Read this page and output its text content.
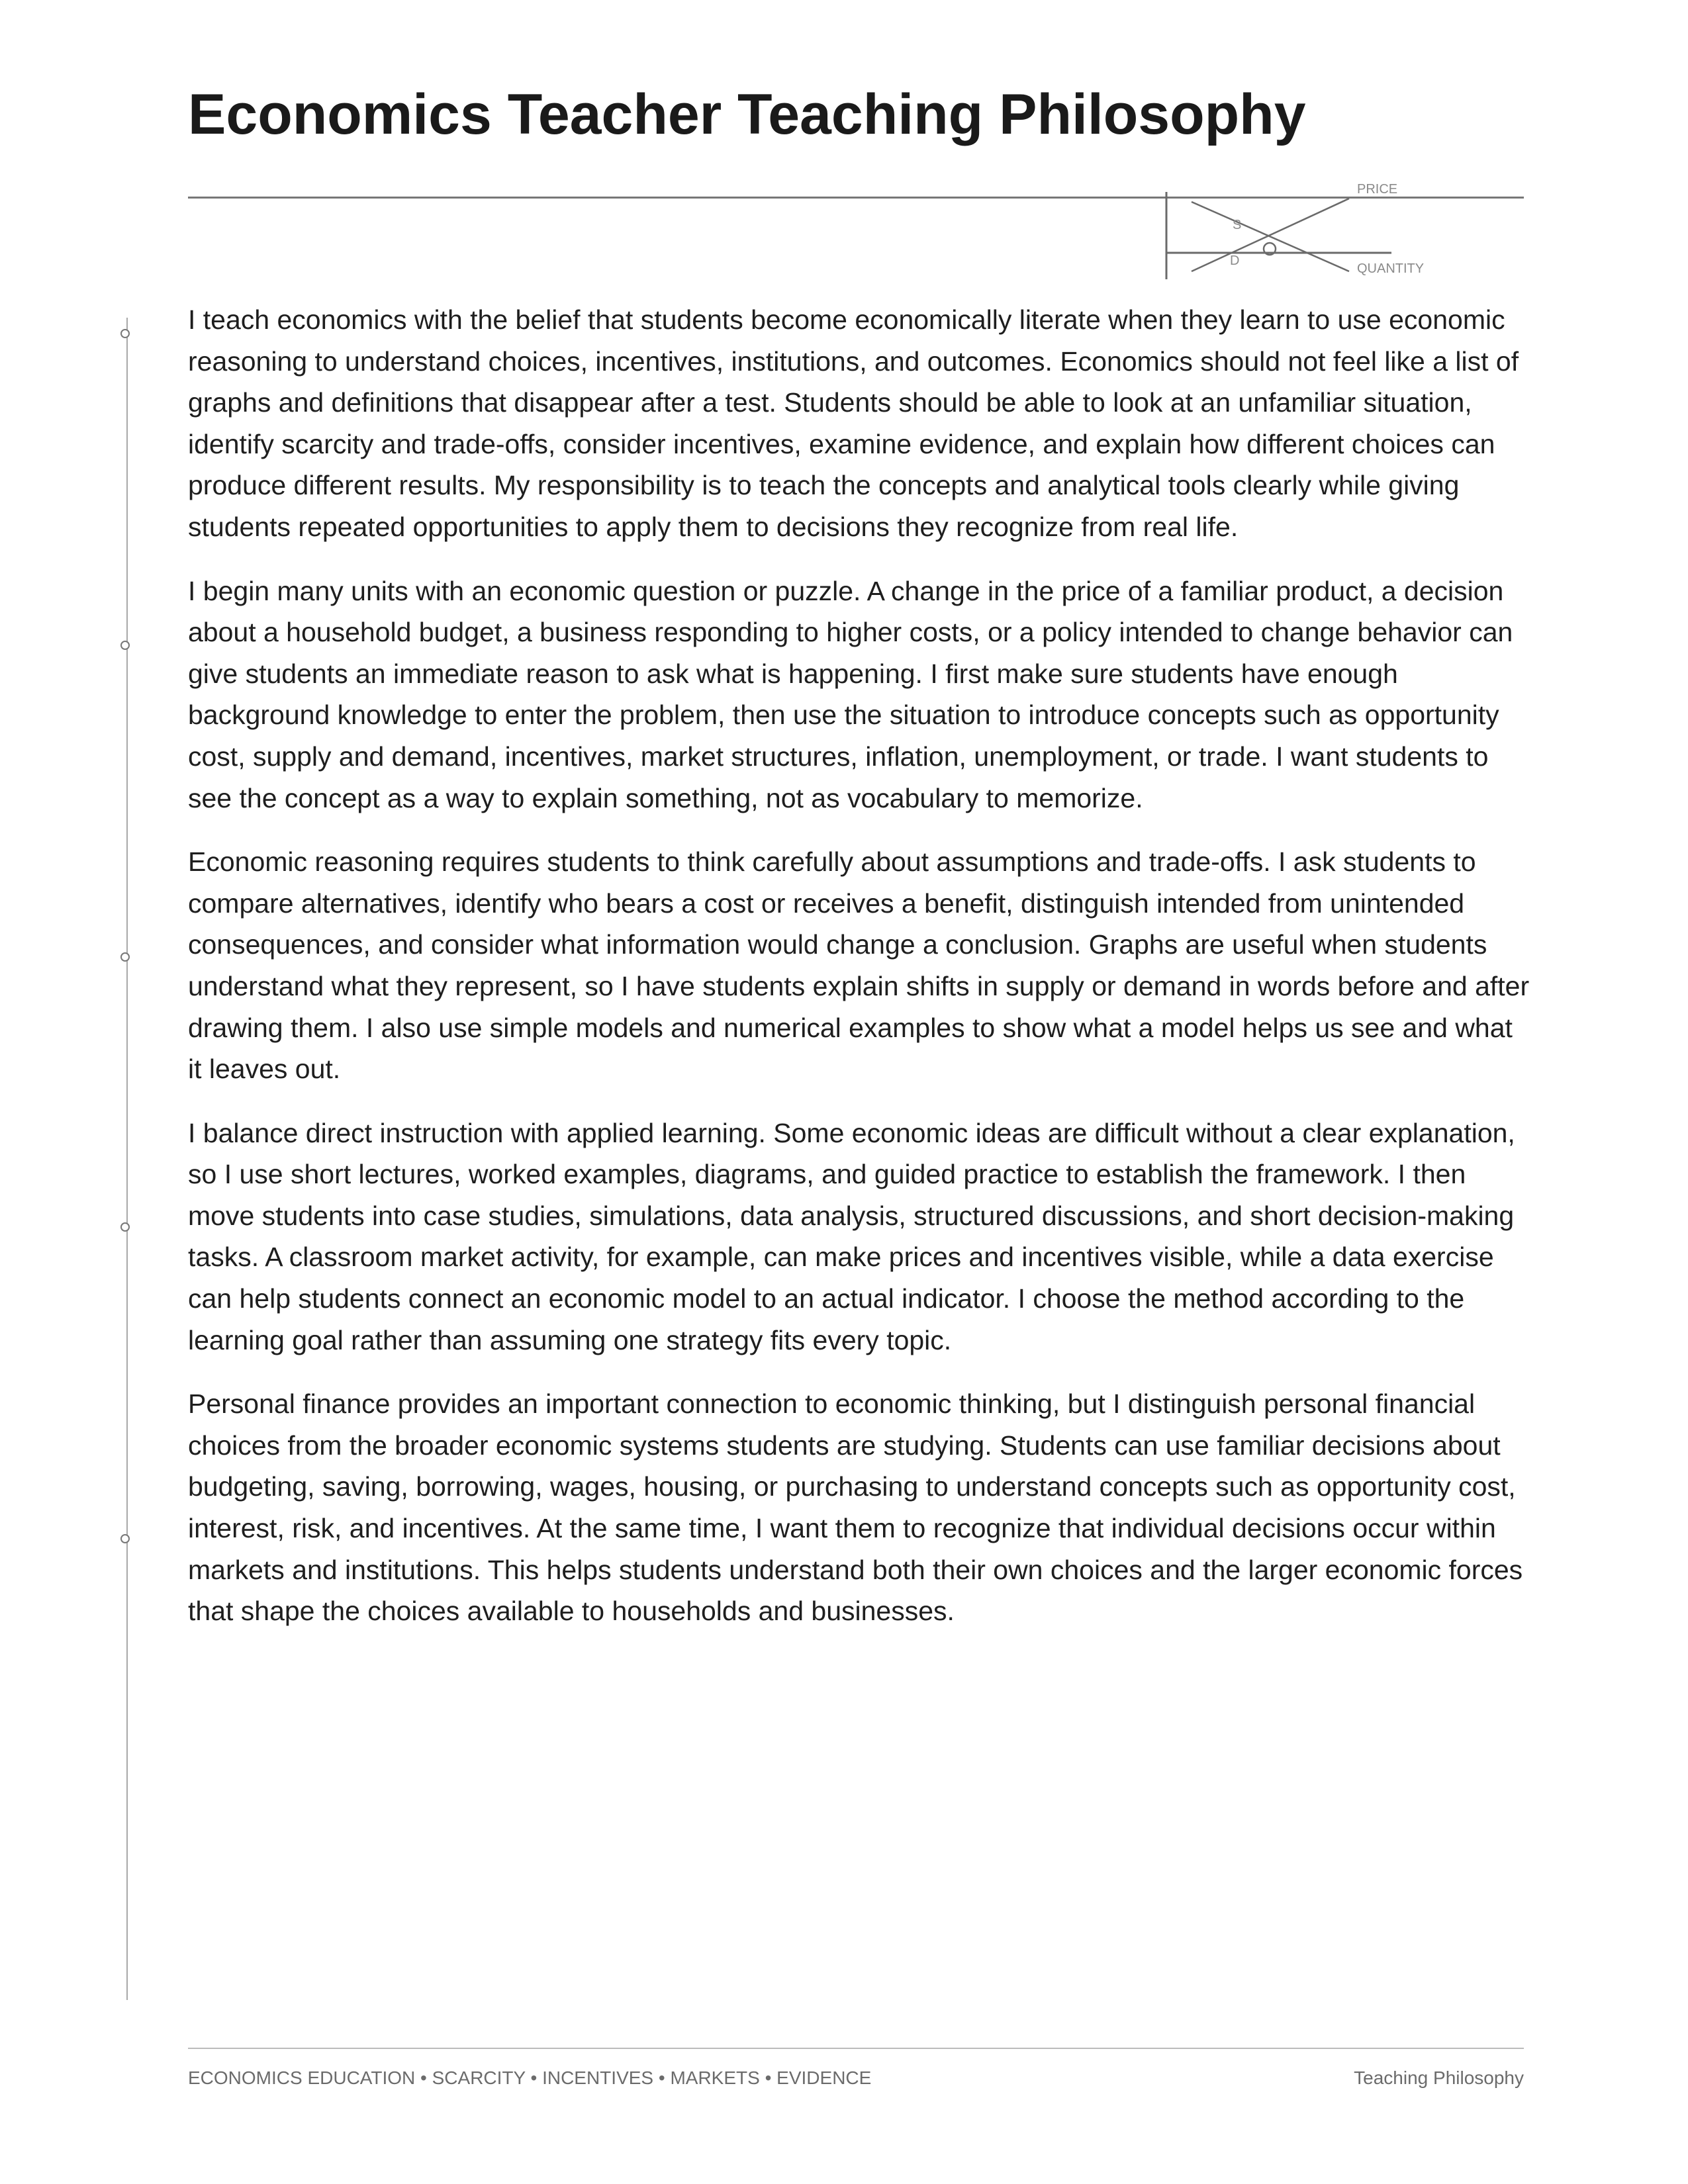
Economics Teacher Teaching Philosophy
PRICE
QUANTITY
S
D

I teach economics with the belief that students become economically literate when they learn to use economic reasoning to understand choices, incentives, institutions, and outcomes. Economics should not feel like a list of graphs and definitions that disappear after a test. Students should be able to look at an unfamiliar situation, identify scarcity and trade-offs, consider incentives, examine evidence, and explain how different choices can produce different results. My responsibility is to teach the concepts and analytical tools clearly while giving students repeated opportunities to apply them to decisions they recognize from real life.

I begin many units with an economic question or puzzle. A change in the price of a familiar product, a decision about a household budget, a business responding to higher costs, or a policy intended to change behavior can give students an immediate reason to ask what is happening. I first make sure students have enough background knowledge to enter the problem, then use the situation to introduce concepts such as opportunity cost, supply and demand, incentives, market structures, inflation, unemployment, or trade. I want students to see the concept as a way to explain something, not as vocabulary to memorize.

Economic reasoning requires students to think carefully about assumptions and trade-offs. I ask students to compare alternatives, identify who bears a cost or receives a benefit, distinguish intended from unintended consequences, and consider what information would change a conclusion. Graphs are useful when students understand what they represent, so I have students explain shifts in supply or demand in words before and after drawing them. I also use simple models and numerical examples to show what a model helps us see and what it leaves out.

I balance direct instruction with applied learning. Some economic ideas are difficult without a clear explanation, so I use short lectures, worked examples, diagrams, and guided practice to establish the framework. I then move students into case studies, simulations, data analysis, structured discussions, and short decision-making tasks. A classroom market activity, for example, can make prices and incentives visible, while a data exercise can help students connect an economic model to an actual indicator. I choose the method according to the learning goal rather than assuming one strategy fits every topic.

Personal finance provides an important connection to economic thinking, but I distinguish personal financial choices from the broader economic systems students are studying. Students can use familiar decisions about budgeting, saving, borrowing, wages, housing, or purchasing to understand concepts such as opportunity cost, interest, risk, and incentives. At the same time, I want them to recognize that individual decisions occur within markets and institutions. This helps students understand both their own choices and the larger economic forces that shape the choices available to households and businesses.

ECONOMICS EDUCATION • SCARCITY • INCENTIVES • MARKETS • EVIDENCE	Teaching Philosophy
